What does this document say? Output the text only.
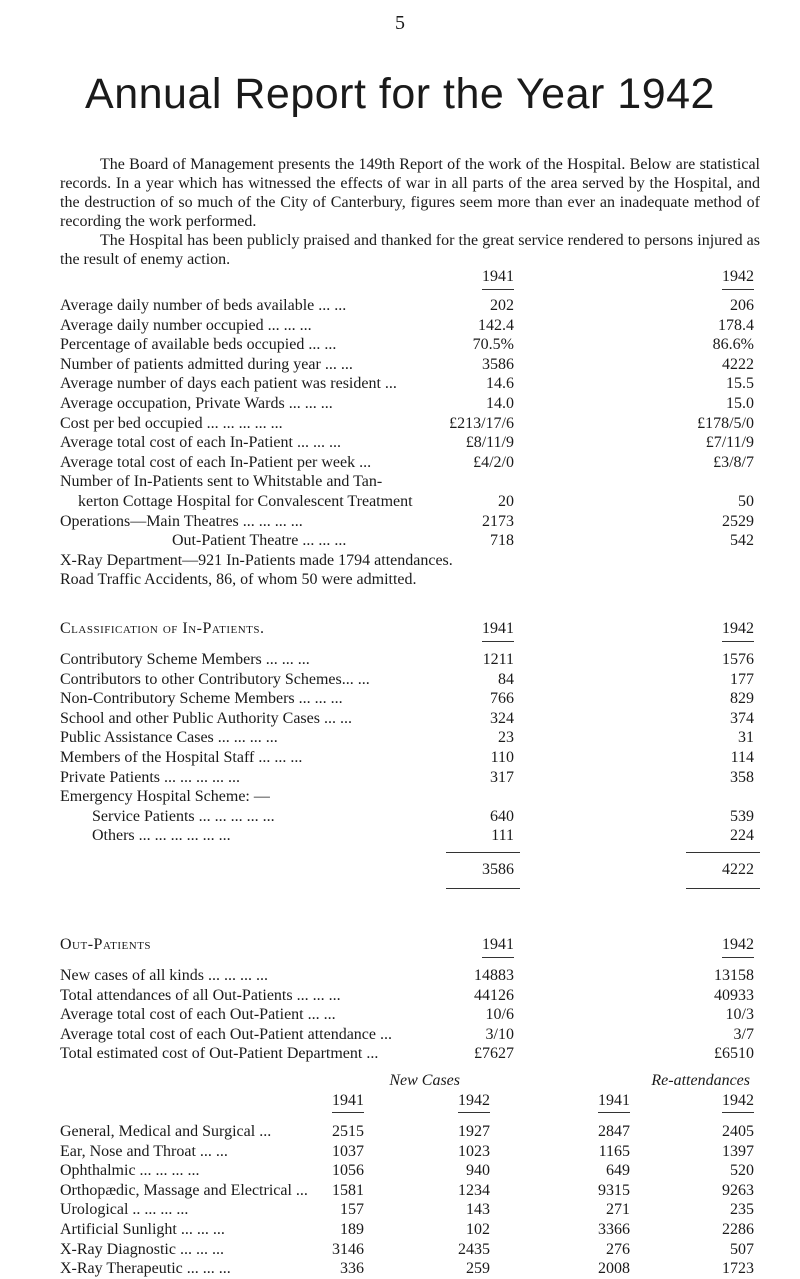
5
Annual Report for the Year 1942

The Board of Management presents the 149th Report of the work of the Hospital. Below are statistical records. In a year which has witnessed the effects of war in all parts of the area served by the Hospital, and the destruction of so much of the City of Canterbury, figures seem more than ever an inadequate method of recording the work performed.

The Hospital has been publicly praised and thanked for the great service rendered to persons injured as the result of enemy action.

1941	1942
Average daily number of beds available ... ...	202	206
Average daily number occupied ... ... ...	142.4	178.4
Percentage of available beds occupied ... ...	70.5%	86.6%
Number of patients admitted during year ... ...	3586	4222
Average number of days each patient was resident ...	14.6	15.5
Average occupation, Private Wards ... ... ...	14.0	15.0
Cost per bed occupied ... ... ... ... ...	£213/17/6	£178/5/0
Average total cost of each In-Patient ... ... ...	£8/11/9	£7/11/9
Average total cost of each In-Patient per week ...	£4/2/0	£3/8/7
Number of In-Patients sent to Whitstable and Tan-
kerton Cottage Hospital for Convalescent Treatment	20	50
Operations—Main Theatres ... ... ... ...	2173	2529
Out-Patient Theatre ... ... ...	718	542
X-Ray Department—921 In-Patients made 1794 attendances.
Road Traffic Accidents, 86, of whom 50 were admitted.
Classification of In-Patients.	1941	1942
Contributory Scheme Members ... ... ...	1211	1576
Contributors to other Contributory Schemes... ...	84	177
Non-Contributory Scheme Members ... ... ...	766	829
School and other Public Authority Cases ... ...	324	374
Public Assistance Cases ... ... ... ...	23	31
Members of the Hospital Staff ... ... ...	110	114
Private Patients ... ... ... ... ...	317	358
Emergency Hospital Scheme: —
Service Patients ... ... ... ... ...	640	539
Others ... ... ... ... ... ...	111	224
3586	4222
Out-Patients	1941	1942
New cases of all kinds ... ... ... ...	14883	13158
Total attendances of all Out-Patients ... ... ...	44126	40933
Average total cost of each Out-Patient ... ...	10/6	10/3
Average total cost of each Out-Patient attendance ...	3/10	3/7
Total estimated cost of Out-Patient Department ...	£7627	£6510
New Cases	Re-attendances
1941	1942	1941	1942
General, Medical and Surgical ...	2515	1927	2847	2405
Ear, Nose and Throat ... ...	1037	1023	1165	1397
Ophthalmic ... ... ... ...	1056	940	649	520
Orthopædic, Massage and Electrical ... 1581	1234	9315	9263
Urological .. ... ... ...	157	143	271	235
Artificial Sunlight ... ... ...	189	102	3366	2286
X-Ray Diagnostic ... ... ...	3146	2435	276	507
X-Ray Therapeutic ... ... ...	336	259	2008	1723
